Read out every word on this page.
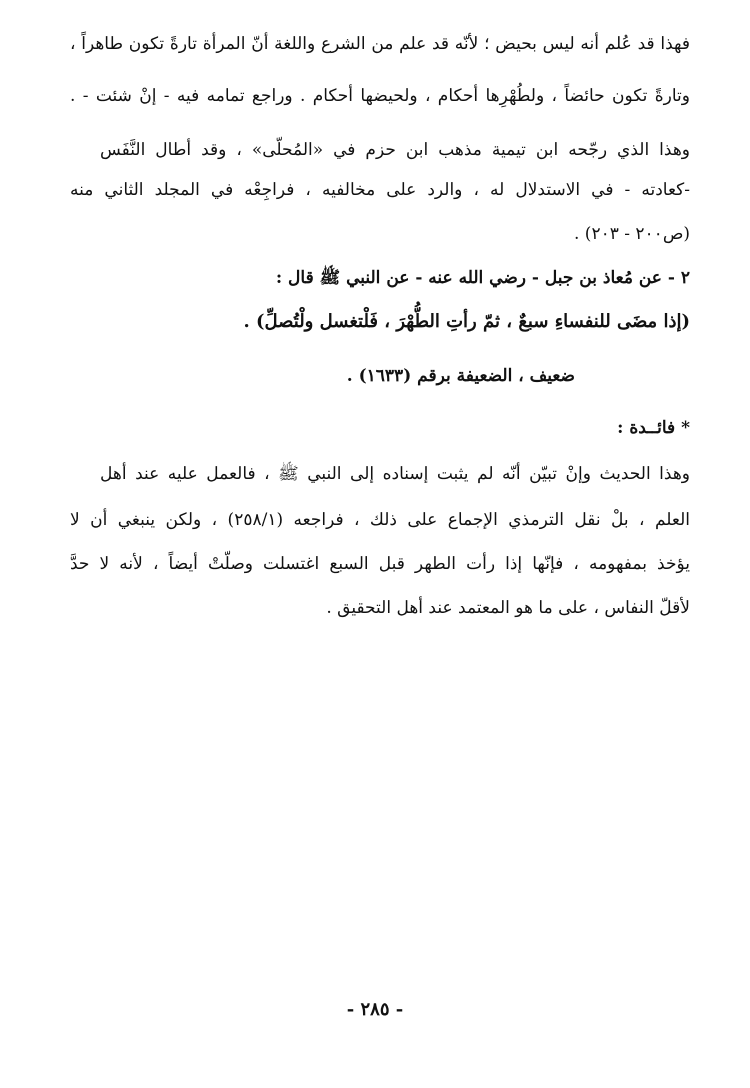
فهذا قد عُلم أنه ليس بحيض ؛ لأنّه قد علم من الشرع واللغة أنّ المرأة تارةً تكون طاهراً ،
وتارةً تكون حائضاً ، ولطُهْرِها أحكام ، ولحيضها أحكام . وراجع تمامه فيه - إنْ شئت - .
وهذا الذي رجّحه ابن تيمية مذهب ابن حزم في «المُحلّى» ، وقد أطال النَّفَس
-كعادته - في الاستدلال له ، والرد على مخالفيه ، فراجِعْه في المجلد الثاني منه
(ص٢٠٠ - ٢٠٣) .
٢ - عن مُعاذ بن جبل - رضي الله عنه - عن النبي ﷺ قال :
(إذا مضَى للنفساءِ سبعٌ ، ثمّ رأتِ الطُّهْرَ ، فَلْتغسل ولْتُصلِّ) .
ضعيف ، الضعيفة برقم (١٦٣٣) .
* فائــدة :
وهذا الحديث وإنْ تبيّن أنّه لم يثبت إسناده إلى النبي ﷺ ، فالعمل عليه عند أهل
العلم ، بلْ نقل الترمذي الإجماع على ذلك ، فراجعه (٢٥٨/١) ، ولكن ينبغي أن لا
يؤخذ بمفهومه ، فإنّها إذا رأت الطهر قبل السبع اغتسلت وصلّتْ أيضاً ، لأنه لا حدَّ
لأقلّ النفاس ، على ما هو المعتمد عند أهل التحقيق .
- ٢٨٥ -
